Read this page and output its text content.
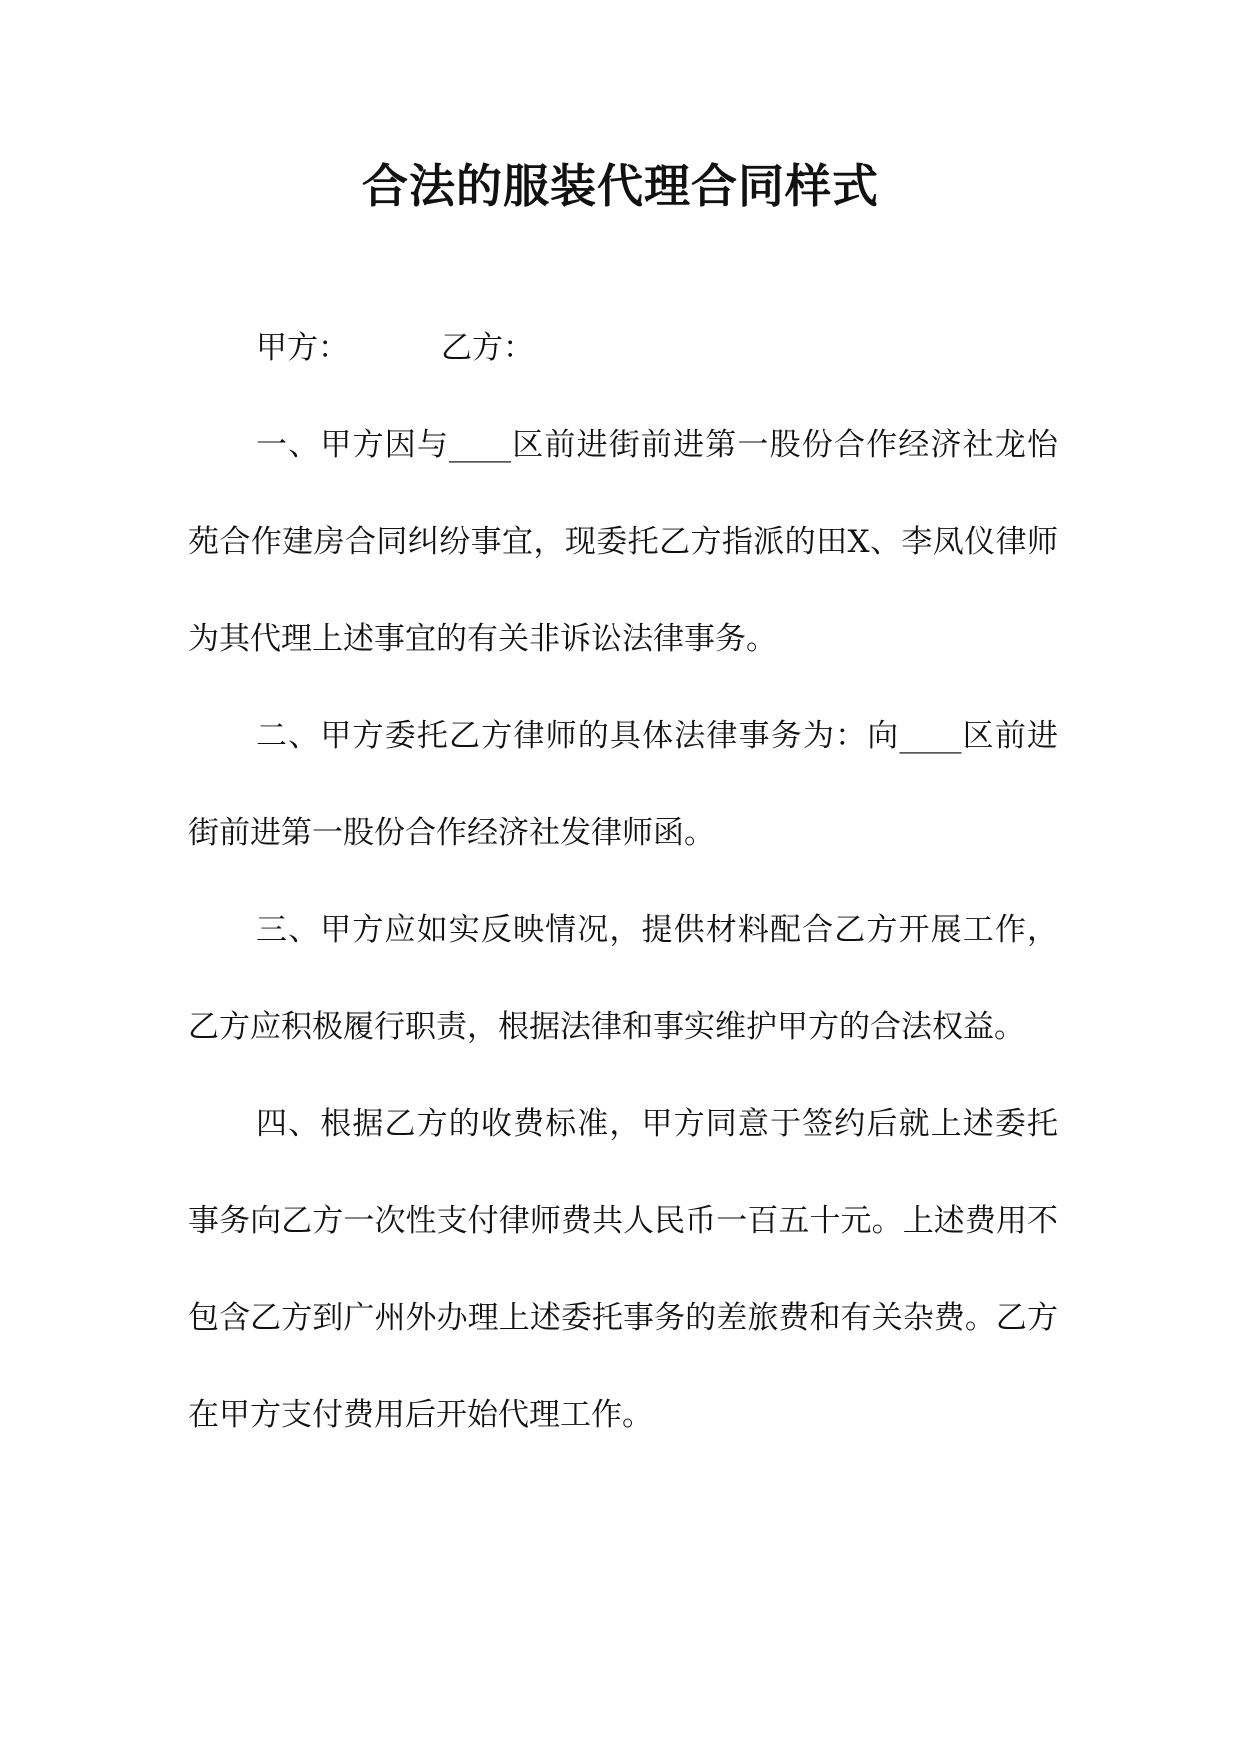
合法的服装代理合同样式

甲方：	乙方：

一、甲方因与____区前进街前进第一股份合作经济社龙怡苑合作建房合同纠纷事宜，现委托乙方指派的田X、李凤仪律师为其代理上述事宜的有关非诉讼法律事务。

二、甲方委托乙方律师的具体法律事务为：向____区前进街前进第一股份合作经济社发律师函。

三、甲方应如实反映情况，提供材料配合乙方开展工作，乙方应积极履行职责，根据法律和事实维护甲方的合法权益。

四、根据乙方的收费标准，甲方同意于签约后就上述委托事务向乙方一次性支付律师费共人民币一百五十元。上述费用不包含乙方到广州外办理上述委托事务的差旅费和有关杂费。乙方在甲方支付费用后开始代理工作。
